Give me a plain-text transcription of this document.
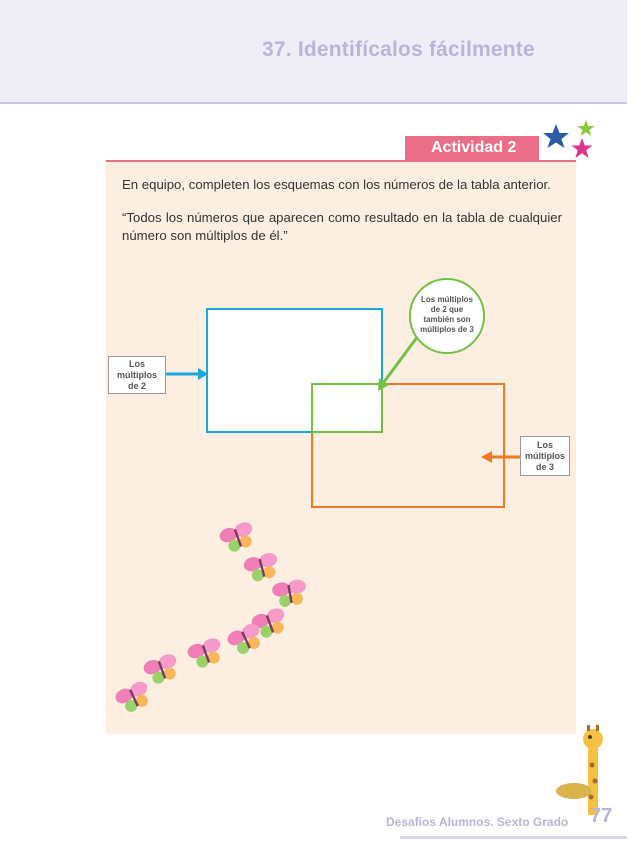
37. Identifícalos fácilmente
Actividad 2
En equipo, completen los esquemas con los números de la tabla anterior.
“Todos los números que aparecen como resultado en la tabla de cualquier número son múltiplos de él.”
Los
múltiplos
de 2
Los
múltiplos
de 3
Los múltiplos
de 2 que
también son
múltiplos de 3
Desafíos Alumnos. Sexto Grado 77
